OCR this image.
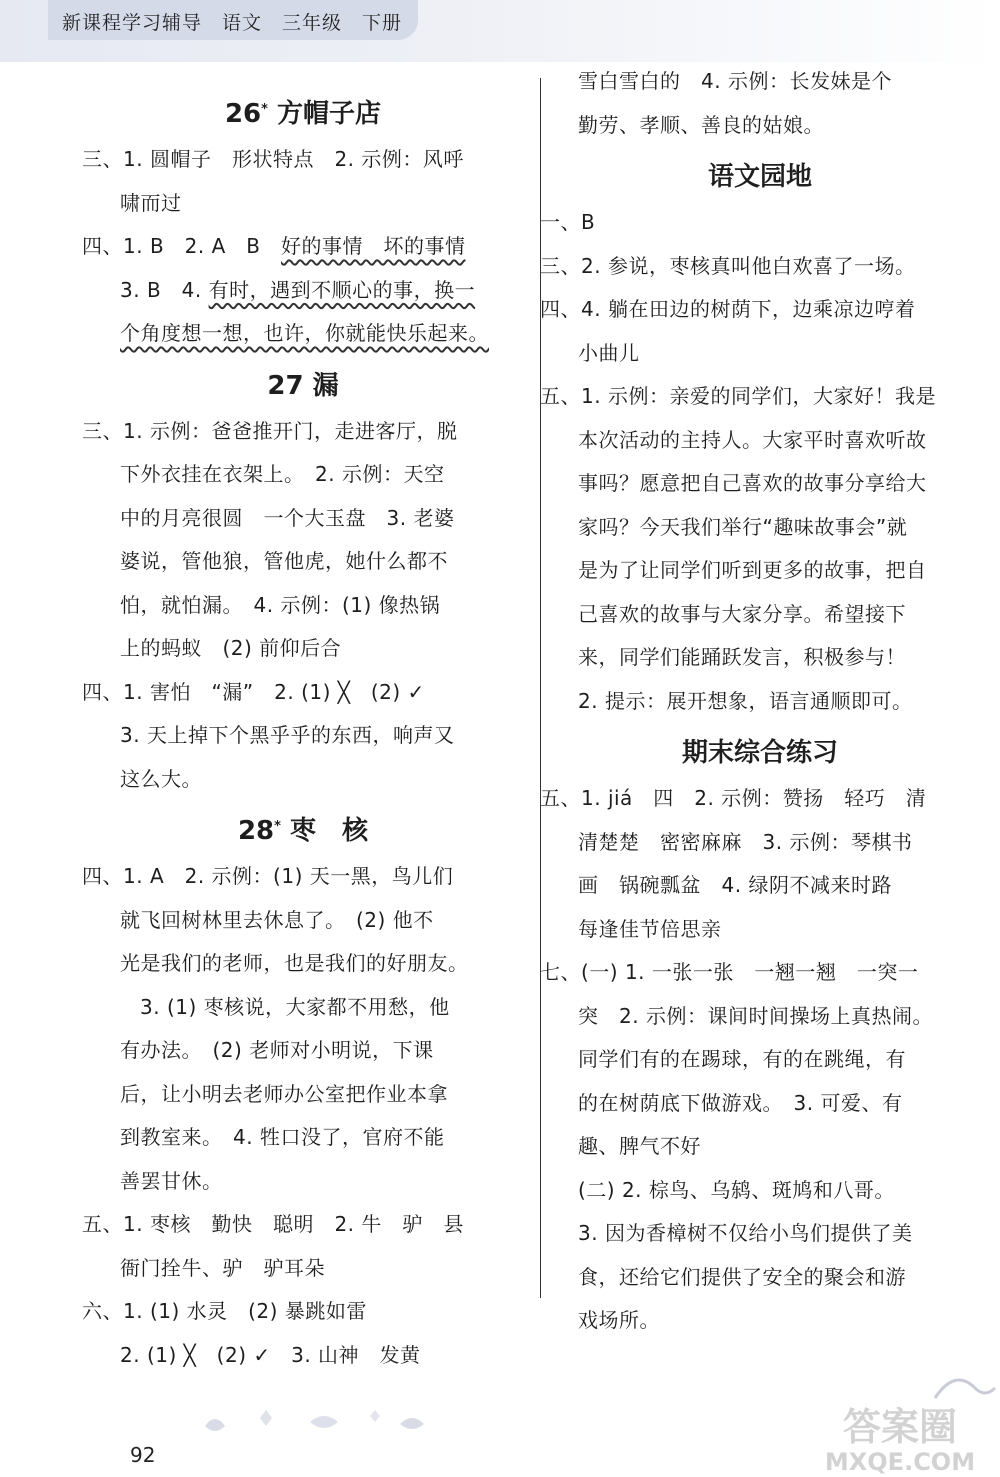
新课程学习辅导　语文　三年级　下册
26* 方帽子店
三、1. 圆帽子　形状特点　2. 示例：风呼
啸而过
四、1. B　2. A　B　好的事情　坏的事情
3. B　4. 有时，遇到不顺心的事，换一
个角度想一想，也许，你就能快乐起来。
27 漏
三、1. 示例：爸爸推开门，走进客厅，脱
下外衣挂在衣架上。　2. 示例：天空
中的月亮很圆　一个大玉盘　3. 老婆
婆说，管他狼，管他虎，她什么都不
怕，就怕漏。　4. 示例：(1) 像热锅
上的蚂蚁　(2) 前仰后合
四、1. 害怕　“漏”　2. (1) ╳　(2) ✓
3. 天上掉下个黑乎乎的东西，响声又
这么大。
28* 枣　核
四、1. A　2. 示例：(1) 天一黑，鸟儿们
就飞回树林里去休息了。　(2) 他不
光是我们的老师，也是我们的好朋友。
3. (1) 枣核说，大家都不用愁，他
有办法。　(2) 老师对小明说，下课
后，让小明去老师办公室把作业本拿
到教室来。　4. 牲口没了，官府不能
善罢甘休。
五、1. 枣核　勤快　聪明　2. 牛　驴　县
衙门拴牛、驴　驴耳朵
六、1. (1) 水灵　(2) 暴跳如雷
2. (1) ╳　(2) ✓　3. 山神　发黄
雪白雪白的　4. 示例：长发妹是个
勤劳、孝顺、善良的姑娘。
语文园地
一、B
三、2. 参说，枣核真叫他白欢喜了一场。
四、4. 躺在田边的树荫下，边乘凉边哼着
小曲儿
五、1. 示例：亲爱的同学们，大家好！我是
本次活动的主持人。大家平时喜欢听故
事吗？愿意把自己喜欢的故事分享给大
家吗？今天我们举行“趣味故事会”就
是为了让同学们听到更多的故事，把自
己喜欢的故事与大家分享。希望接下
来，同学们能踊跃发言，积极参与！
2. 提示：展开想象，语言通顺即可。
期末综合练习
五、1. jiá　四　2. 示例：赞扬　轻巧　清
清楚楚　密密麻麻　3. 示例：琴棋书
画　锅碗瓢盆　4. 绿阴不减来时路
每逢佳节倍思亲
七、(一) 1. 一张一张　一翘一翘　一突一
突　2. 示例：课间时间操场上真热闹。
同学们有的在踢球，有的在跳绳，有
的在树荫底下做游戏。　3. 可爱、有
趣、脾气不好
(二) 2. 棕鸟、乌鸫、斑鸠和八哥。
3. 因为香樟树不仅给小鸟们提供了美
食，还给它们提供了安全的聚会和游
戏场所。
92
答案圈
MXQE.COM
